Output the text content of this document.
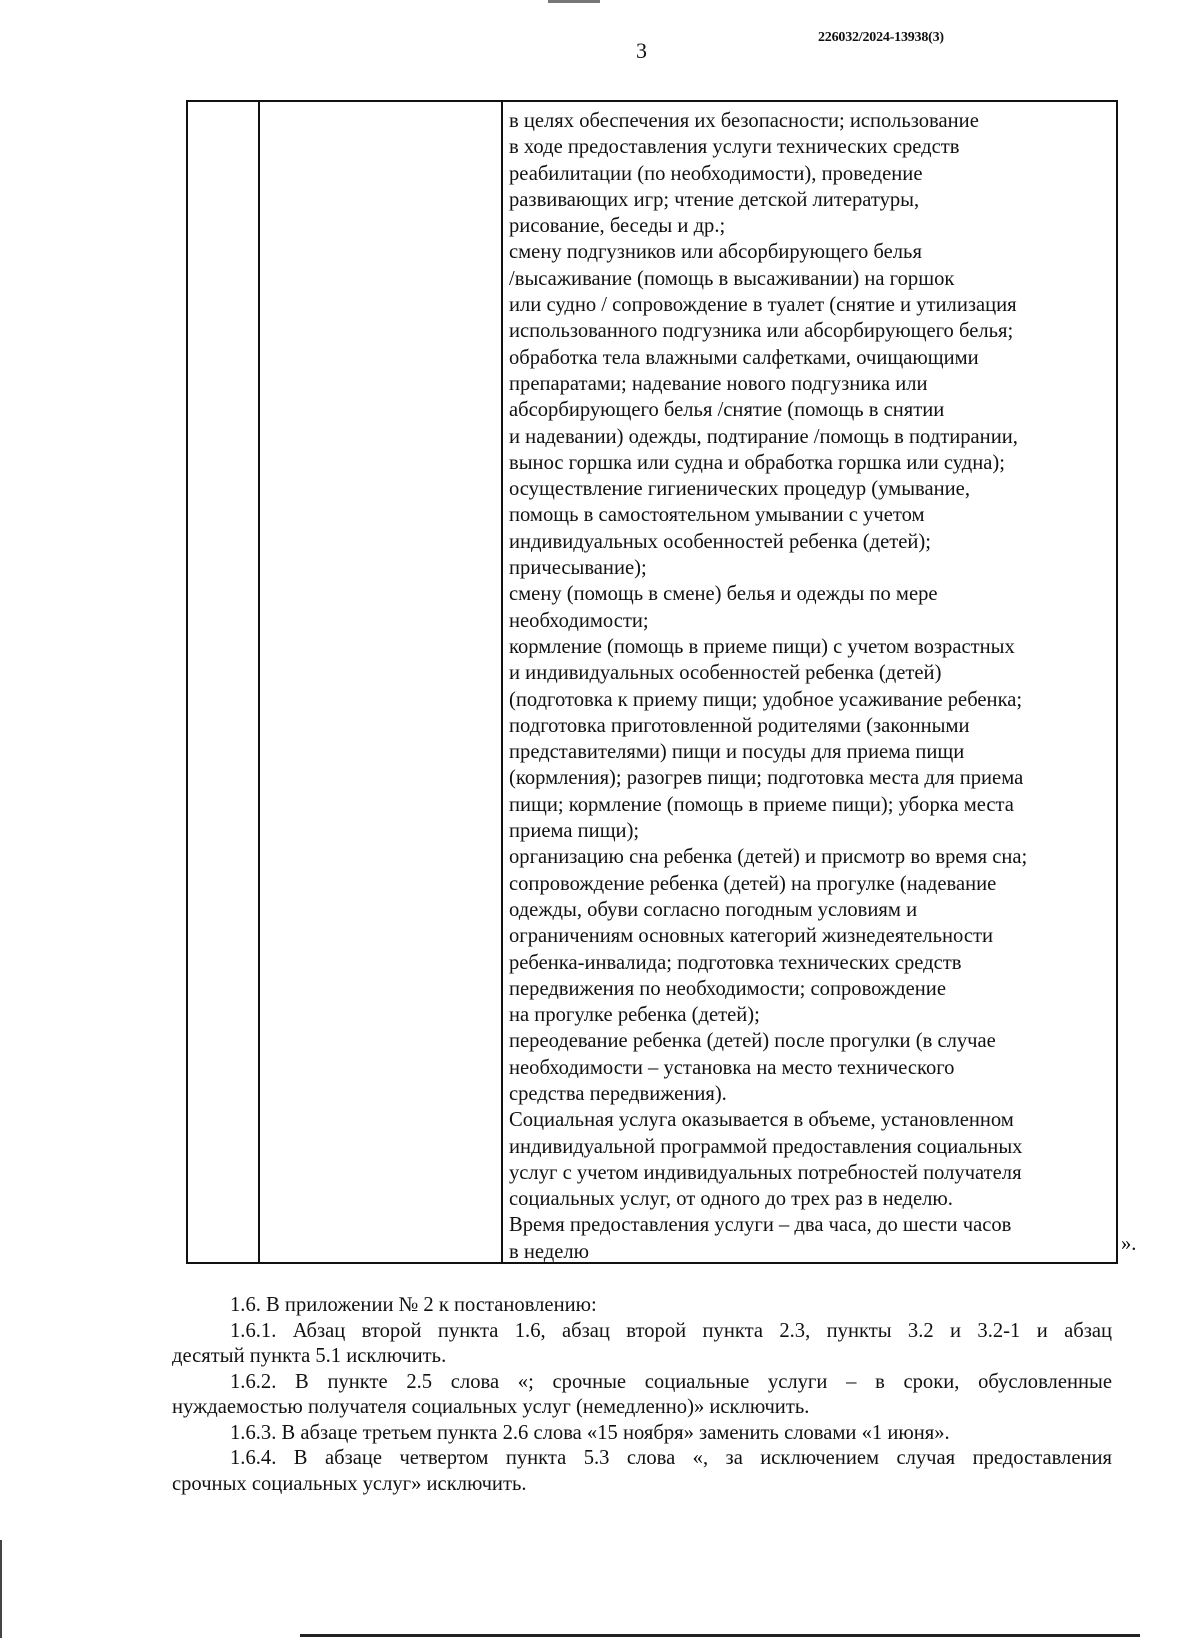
3
226032/2024-13938(3)
в целях обеспечения их безопасности; использование
в ходе предоставления услуги технических средств
реабилитации (по необходимости), проведение
развивающих игр; чтение детской литературы,
рисование, беседы и др.;
смену подгузников или абсорбирующего белья
/высаживание (помощь в высаживании) на горшок
или судно / сопровождение в туалет (снятие и утилизация
использованного подгузника или абсорбирующего белья;
обработка тела влажными салфетками, очищающими
препаратами; надевание нового подгузника или
абсорбирующего белья /снятие (помощь в снятии
и надевании) одежды, подтирание /помощь в подтирании,
вынос горшка или судна и обработка горшка или судна);
осуществление гигиенических процедур (умывание,
помощь в самостоятельном умывании с учетом
индивидуальных особенностей ребенка (детей);
причесывание);
смену (помощь в смене) белья и одежды по мере
необходимости;
кормление (помощь в приеме пищи) с учетом возрастных
и индивидуальных особенностей ребенка (детей)
(подготовка к приему пищи; удобное усаживание ребенка;
подготовка приготовленной родителями (законными
представителями) пищи и посуды для приема пищи
(кормления); разогрев пищи; подготовка места для приема
пищи; кормление (помощь в приеме пищи); уборка места
приема пищи);
организацию сна ребенка (детей) и присмотр во время сна;
сопровождение ребенка (детей) на прогулке (надевание
одежды, обуви согласно погодным условиям и
ограничениям основных категорий жизнедеятельности
ребенка-инвалида; подготовка технических средств
передвижения по необходимости; сопровождение
на прогулке ребенка (детей);
переодевание ребенка (детей) после прогулки (в случае
необходимости – установка на место технического
средства передвижения).
Социальная услуга оказывается в объеме, установленном
индивидуальной программой предоставления социальных
услуг с учетом индивидуальных потребностей получателя
социальных услуг, от одного до трех раз в неделю.
Время предоставления услуги – два часа, до шести часов
в неделю	».
1.6. В приложении № 2 к постановлению:
1.6.1. Абзац второй пункта 1.6, абзац второй пункта 2.3, пункты 3.2 и 3.2-1 и абзац
десятый пункта 5.1 исключить.
1.6.2. В пункте 2.5 слова «; срочные социальные услуги – в сроки, обусловленные
нуждаемостью получателя социальных услуг (немедленно)» исключить.
1.6.3. В абзаце третьем пункта 2.6 слова «15 ноября» заменить словами «1 июня».
1.6.4. В абзаце четвертом пункта 5.3 слова «, за исключением случая предоставления
срочных социальных услуг» исключить.
